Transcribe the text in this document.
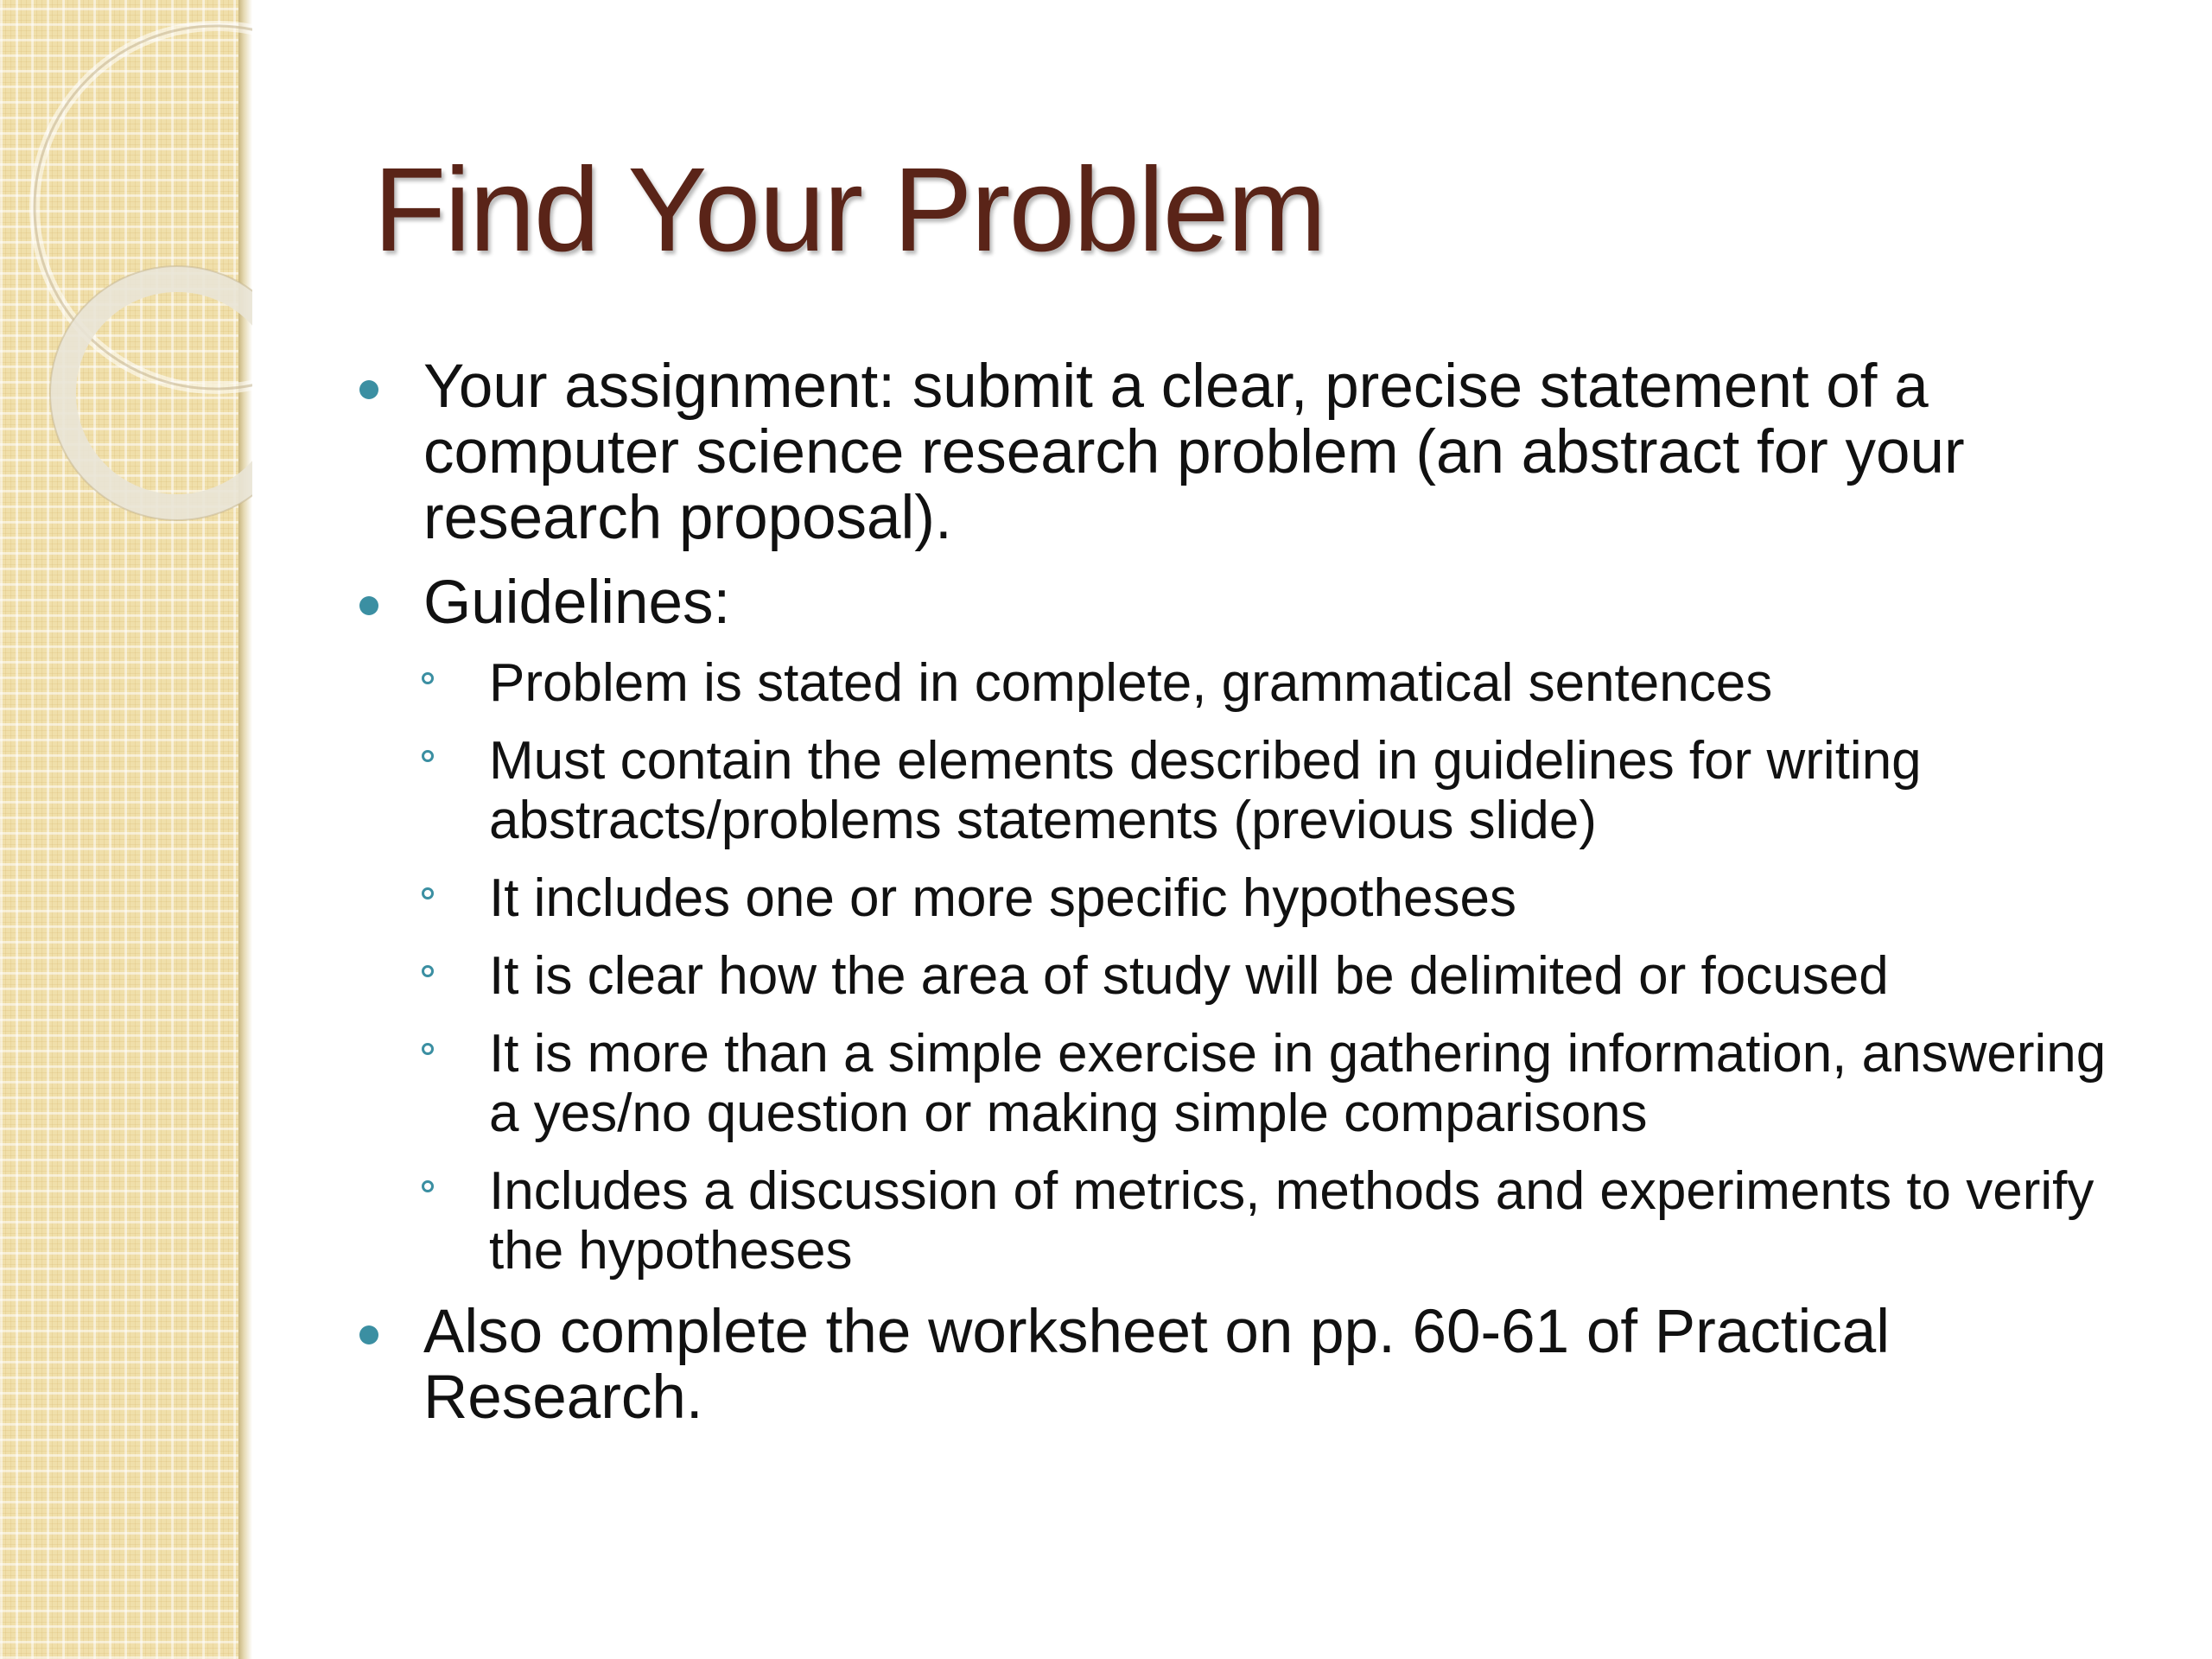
Find Your Problem
Your assignment: submit a clear, precise statement of a computer science research problem (an abstract for your research proposal).
Guidelines:
Problem is stated in complete, grammatical sentences
Must contain the elements described in guidelines for writing abstracts/problems statements (previous slide)
It includes one or more specific hypotheses
It is clear how the area of study will be delimited or focused
It is more than a simple exercise in gathering information, answering a yes/no question or making simple comparisons
Includes a discussion of metrics, methods and experiments to verify the hypotheses
Also complete the worksheet on pp. 60-61 of Practical Research.
